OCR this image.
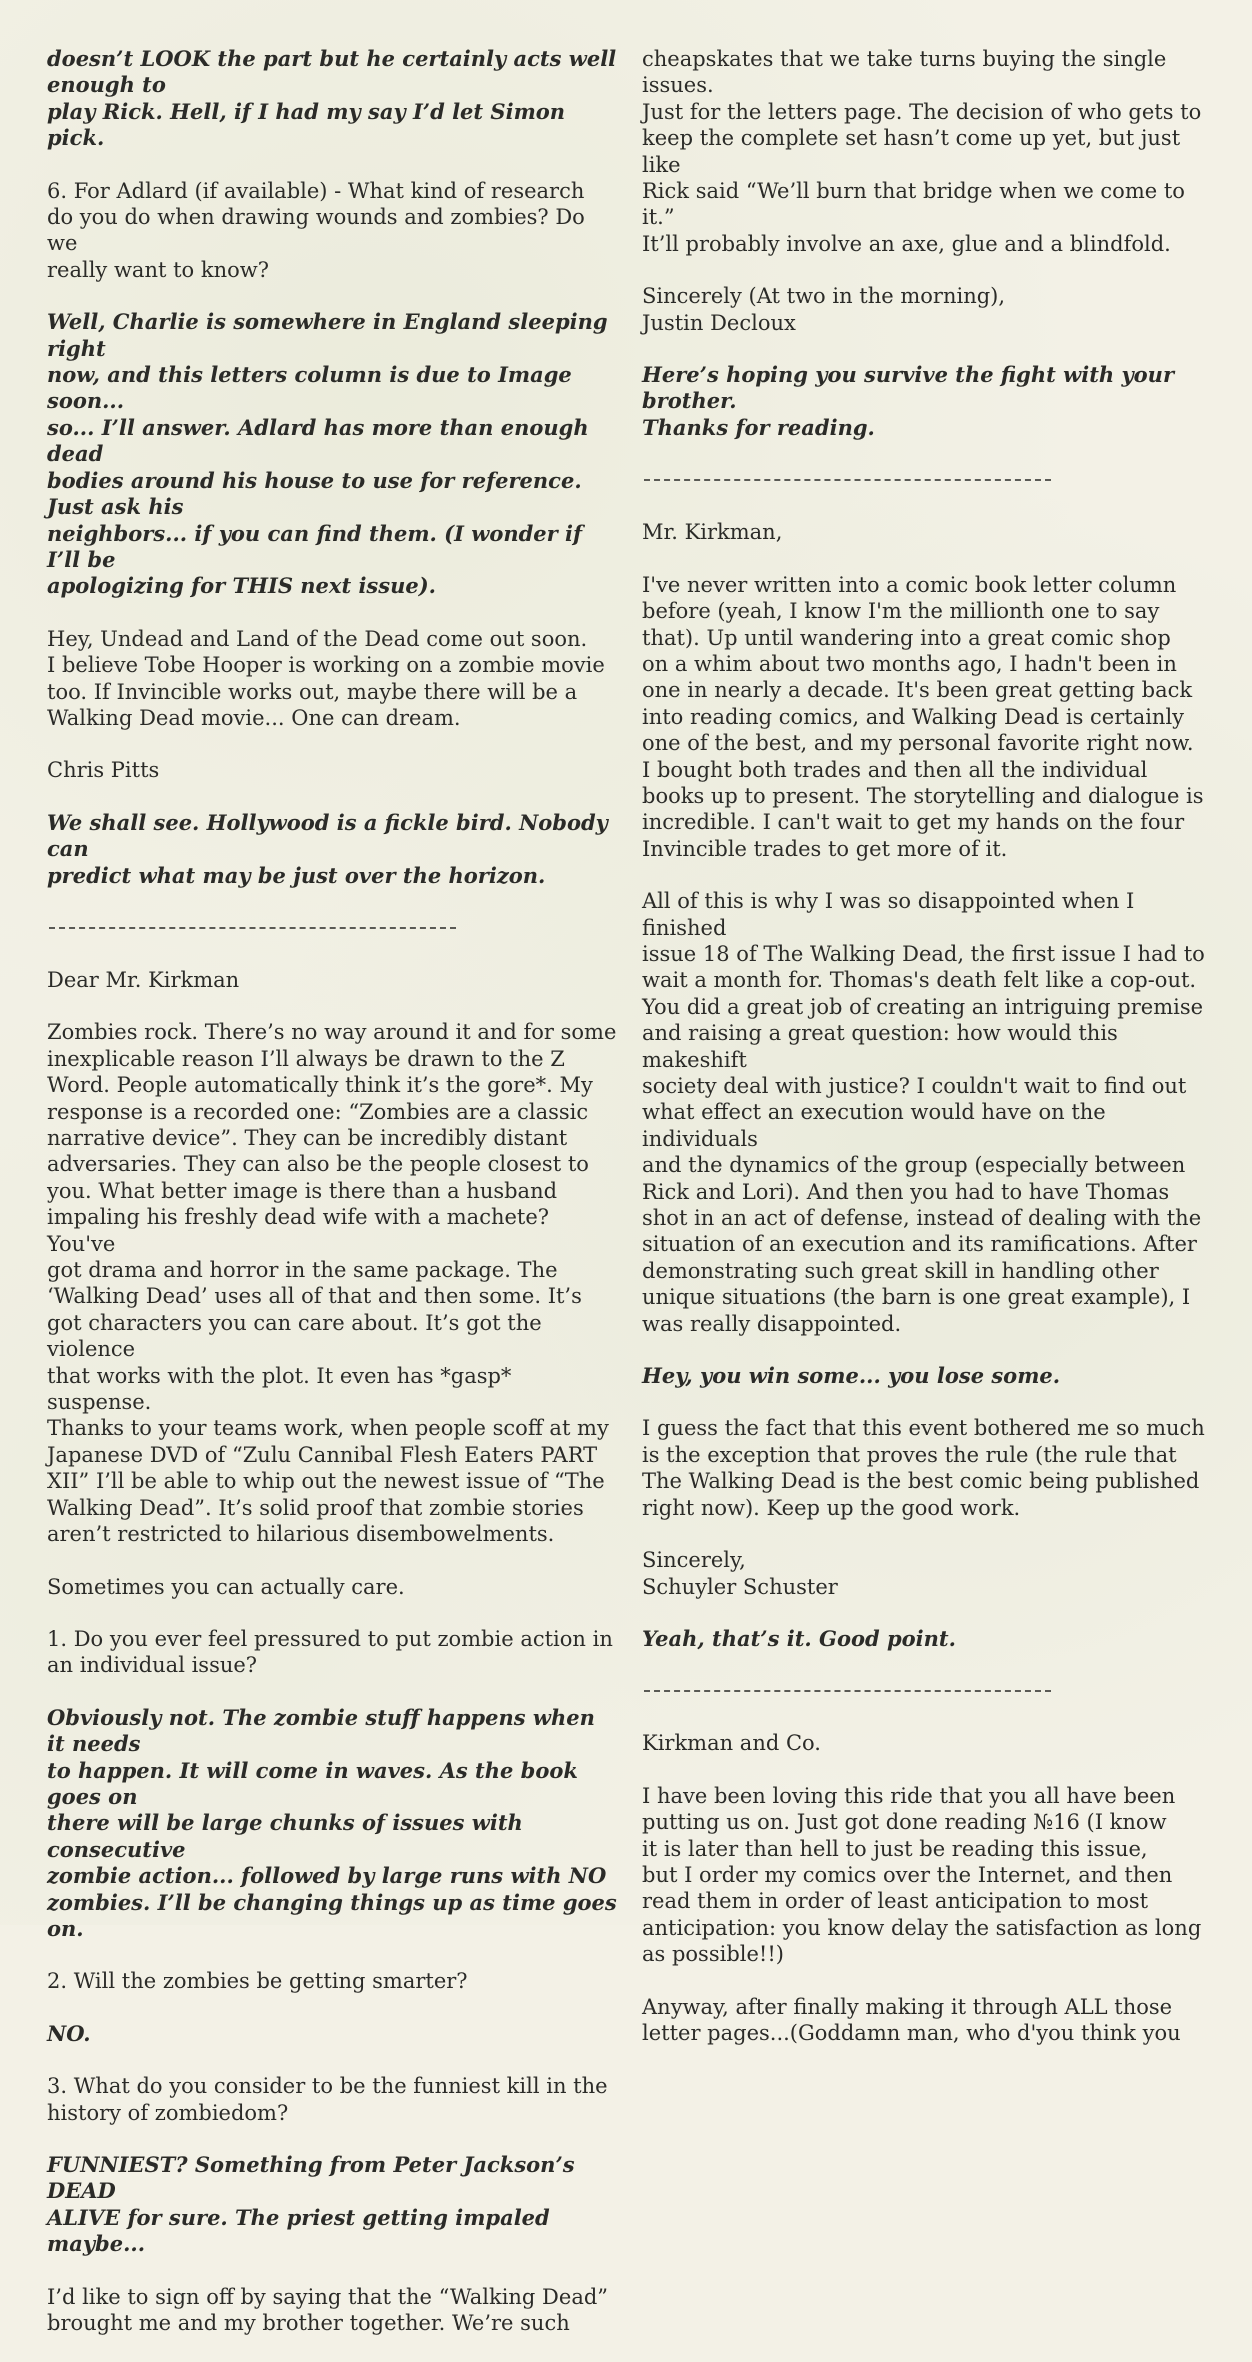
doesn’t LOOK the part but he certainly acts well enough to
play Rick. Hell, if I had my say I’d let Simon pick.
6. For Adlard (if available) - What kind of research
do you do when drawing wounds and zombies? Do we
really want to know?
Well, Charlie is somewhere in England sleeping right
now, and this letters column is due to Image soon...
so... I’ll answer. Adlard has more than enough dead
bodies around his house to use for reference. Just ask his
neighbors... if you can find them. (I wonder if I’ll be
apologizing for THIS next issue).
Hey, Undead and Land of the Dead come out soon.
I believe Tobe Hooper is working on a zombie movie
too. If Invincible works out, maybe there will be a
Walking Dead movie... One can dream.
Chris Pitts
We shall see. Hollywood is a fickle bird. Nobody can
predict what may be just over the horizon.
Dear Mr. Kirkman
Zombies rock. There’s no way around it and for some
inexplicable reason I’ll always be drawn to the Z
Word. People automatically think it’s the gore*. My
response is a recorded one: “Zombies are a classic
narrative device”. They can be incredibly distant
adversaries. They can also be the people closest to
you. What better image is there than a husband
impaling his freshly dead wife with a machete? You've
got drama and horror in the same package. The
‘Walking Dead’ uses all of that and then some. It’s
got characters you can care about. It’s got the violence
that works with the plot. It even has *gasp* suspense.
Thanks to your teams work, when people scoff at my
Japanese DVD of “Zulu Cannibal Flesh Eaters PART
XII” I’ll be able to whip out the newest issue of “The
Walking Dead”. It’s solid proof that zombie stories
aren’t restricted to hilarious disembowelments.
Sometimes you can actually care.
1. Do you ever feel pressured to put zombie action in
an individual issue?
Obviously not. The zombie stuff happens when it needs
to happen. It will come in waves. As the book goes on
there will be large chunks of issues with consecutive
zombie action... followed by large runs with NO
zombies. I’ll be changing things up as time goes on.
2. Will the zombies be getting smarter?
NO.
3. What do you consider to be the funniest kill in the
history of zombiedom?
FUNNIEST? Something from Peter Jackson’s DEAD
ALIVE for sure. The priest getting impaled maybe...
I’d like to sign off by saying that the “Walking Dead”
brought me and my brother together. We’re such
cheapskates that we take turns buying the single issues.
Just for the letters page. The decision of who gets to
keep the complete set hasn’t come up yet, but just like
Rick said “We’ll burn that bridge when we come to it.”
It’ll probably involve an axe, glue and a blindfold.
Sincerely (At two in the morning),
Justin Decloux
Here’s hoping you survive the fight with your brother.
Thanks for reading.
Mr. Kirkman,
I've never written into a comic book letter column
before (yeah, I know I'm the millionth one to say
that). Up until wandering into a great comic shop
on a whim about two months ago, I hadn't been in
one in nearly a decade. It's been great getting back
into reading comics, and Walking Dead is certainly
one of the best, and my personal favorite right now.
I bought both trades and then all the individual
books up to present. The storytelling and dialogue is
incredible. I can't wait to get my hands on the four
Invincible trades to get more of it.
All of this is why I was so disappointed when I finished
issue 18 of The Walking Dead, the first issue I had to
wait a month for. Thomas's death felt like a cop-out.
You did a great job of creating an intriguing premise
and raising a great question: how would this makeshift
society deal with justice? I couldn't wait to find out
what effect an execution would have on the individuals
and the dynamics of the group (especially between
Rick and Lori). And then you had to have Thomas
shot in an act of defense, instead of dealing with the
situation of an execution and its ramifications. After
demonstrating such great skill in handling other
unique situations (the barn is one great example), I
was really disappointed.
Hey, you win some... you lose some.
I guess the fact that this event bothered me so much
is the exception that proves the rule (the rule that
The Walking Dead is the best comic being published
right now). Keep up the good work.
Sincerely,
Schuyler Schuster
Yeah, that’s it. Good point.
Kirkman and Co.
I have been loving this ride that you all have been
putting us on. Just got done reading №16 (I know
it is later than hell to just be reading this issue,
but I order my comics over the Internet, and then
read them in order of least anticipation to most
anticipation: you know delay the satisfaction as long
as possible!!)
Anyway, after finally making it through ALL those
letter pages...(Goddamn man, who d'you think you
